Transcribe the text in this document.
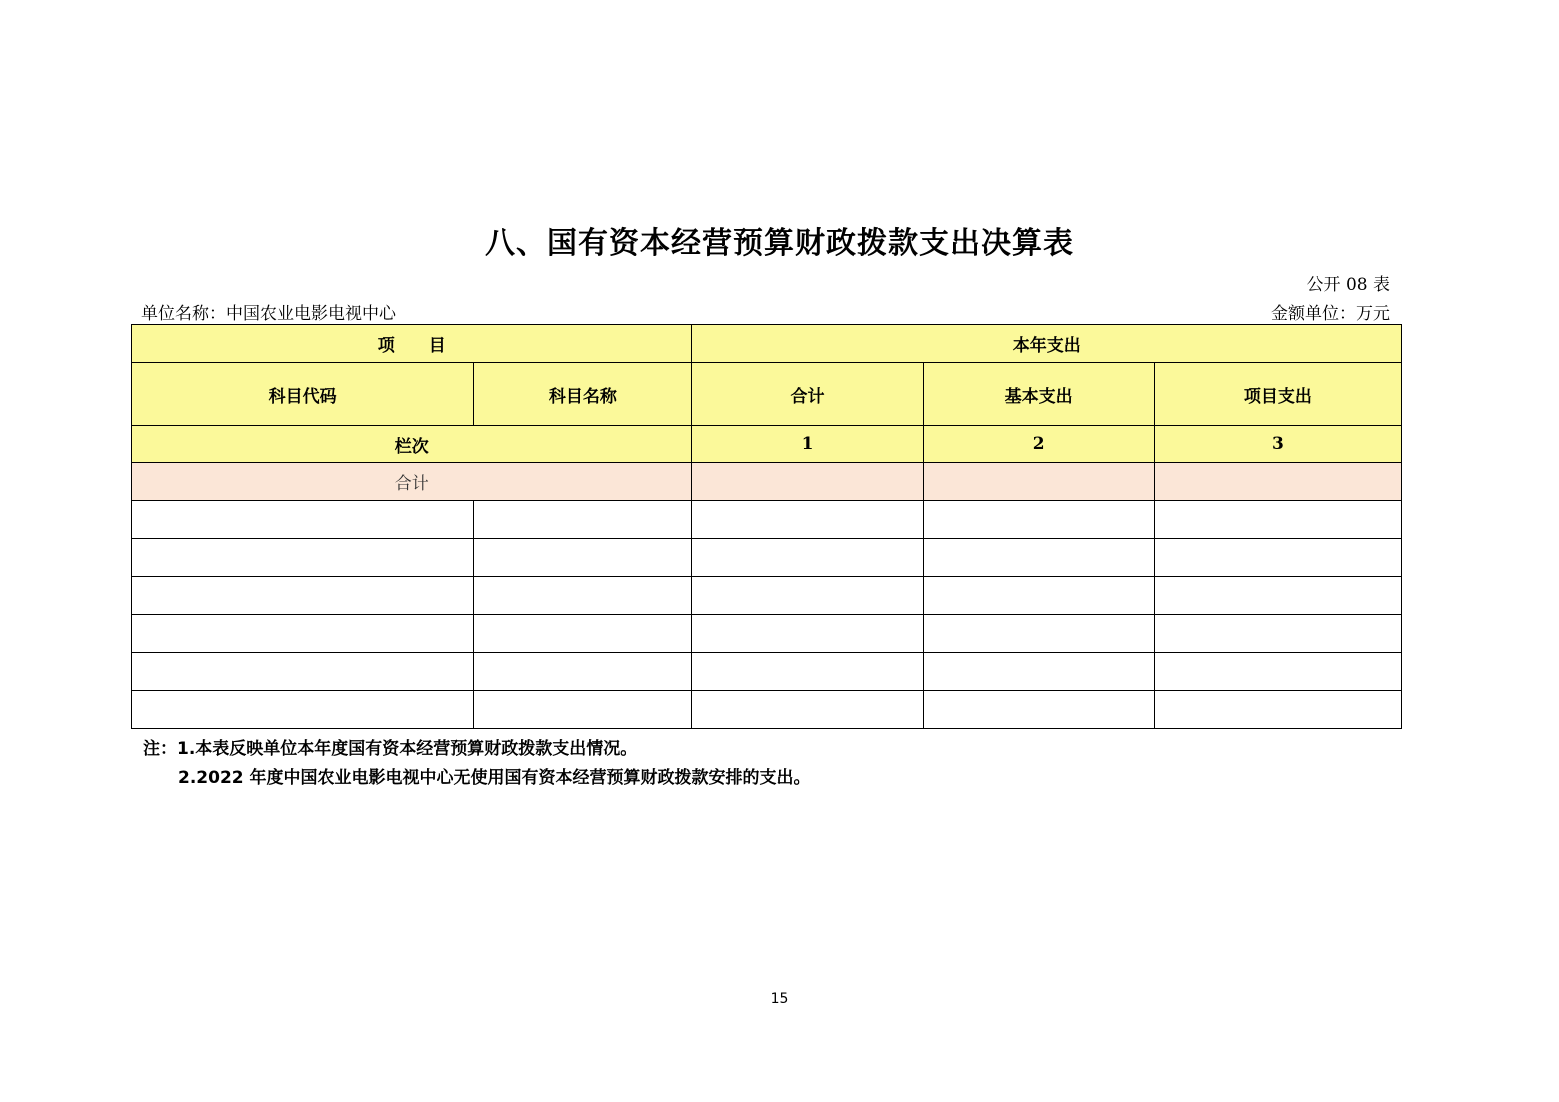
八、国有资本经营预算财政拨款支出决算表
公开 08 表
单位名称：中国农业电影电视中心	金额单位：万元
项　　目		本年支出		
科目代码	科目名称	合计	基本支出	项目支出
栏次		1	2	3
合计				

注：1.本表反映单位本年度国有资本经营预算财政拨款支出情况。
2.2022 年度中国农业电影电视中心无使用国有资本经营预算财政拨款安排的支出。
15
